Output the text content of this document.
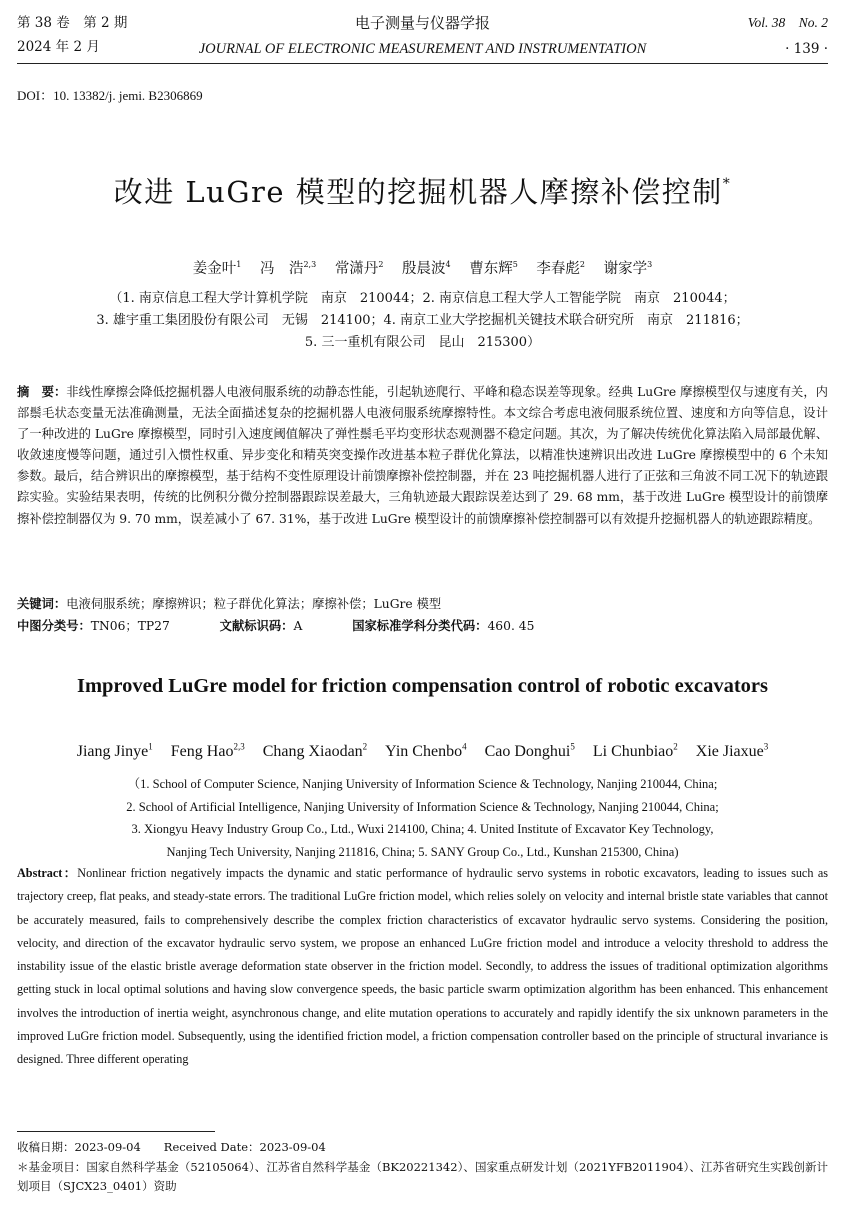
第 38 卷　第 2 期
2024 年 2 月
电子测量与仪器学报
JOURNAL OF ELECTRONIC MEASUREMENT AND INSTRUMENTATION
Vol. 38　No. 2
· 139 ·
DOI：10. 13382/j. jemi. B2306869
改进 LuGre 模型的挖掘机器人摩擦补偿控制*
姜金叶$^1$ 冯　浩$^{2,3}$ 常潇丹$^2$ 殷晨波$^4$ 曹东辉$^5$ 李春彪$^2$ 谢家学$^3$
（1. 南京信息工程大学计算机学院　南京　210044；2. 南京信息工程大学人工智能学院　南京　210044；
3. 雄宇重工集团股份有限公司　无锡　214100；4. 南京工业大学挖掘机关键技术联合研究所　南京　211816；
5. 三一重机有限公司　昆山　215300）
摘　要：非线性摩擦会降低挖掘机器人电液伺服系统的动静态性能，引起轨迹爬行、平峰和稳态误差等现象。经典 LuGre 摩擦模型仅与速度有关，内部鬃毛状态变量无法准确测量，无法全面描述复杂的挖掘机器人电液伺服系统摩擦特性。本文综合考虑电液伺服系统位置、速度和方向等信息，设计了一种改进的 LuGre 摩擦模型，同时引入速度阈值解决了弹性鬃毛平均变形状态观测器不稳定问题。其次，为了解决传统优化算法陷入局部最优解、收敛速度慢等问题，通过引入惯性权重、异步变化和精英突变操作改进基本粒子群优化算法，以精准快速辨识出改进 LuGre 摩擦模型中的 6 个未知参数。最后，结合辨识出的摩擦模型，基于结构不变性原理设计前馈摩擦补偿控制器，并在 23 吨挖掘机器人进行了正弦和三角波不同工况下的轨迹跟踪实验。实验结果表明，传统的比例积分微分控制器跟踪误差最大，三角轨迹最大跟踪误差达到了 29. 68 mm，基于改进 LuGre 模型设计的前馈摩擦补偿控制器仅为 9. 70 mm，误差减小了 67. 31%，基于改进 LuGre 模型设计的前馈摩擦补偿控制器可以有效提升挖掘机器人的轨迹跟踪精度。
关键词：电液伺服系统；摩擦辨识；粒子群优化算法；摩擦补偿；LuGre 模型
中图分类号：TN06；TP27	文献标识码：A	国家标准学科分类代码：460. 45
Improved LuGre model for friction compensation control of robotic excavators
Jiang Jinye$^1$ Feng Hao$^{2,3}$ Chang Xiaodan$^2$ Yin Chenbo$^4$ Cao Donghui$^5$ Li Chunbiao$^2$ Xie Jiaxue$^3$
（1. School of Computer Science, Nanjing University of Information Science & Technology, Nanjing 210044, China;
2. School of Artificial Intelligence, Nanjing University of Information Science & Technology, Nanjing 210044, China;
3. Xiongyu Heavy Industry Group Co., Ltd., Wuxi 214100, China; 4. United Institute of Excavator Key Technology,
Nanjing Tech University, Nanjing 211816, China; 5. SANY Group Co., Ltd., Kunshan 215300, China)
Abstract：Nonlinear friction negatively impacts the dynamic and static performance of hydraulic servo systems in robotic excavators, leading to issues such as trajectory creep, flat peaks, and steady-state errors. The traditional LuGre friction model, which relies solely on velocity and internal bristle state variables that cannot be accurately measured, fails to comprehensively describe the complex friction characteristics of excavator hydraulic servo systems. Considering the position, velocity, and direction of the excavator hydraulic servo system, we propose an enhanced LuGre friction model and introduce a velocity threshold to address the instability issue of the elastic bristle average deformation state observer in the friction model. Secondly, to address the issues of traditional optimization algorithms getting stuck in local optimal solutions and having slow convergence speeds, the basic particle swarm optimization algorithm has been enhanced. This enhancement involves the introduction of inertia weight, asynchronous change, and elite mutation operations to accurately and rapidly identify the six unknown parameters in the improved LuGre friction model. Subsequently, using the identified friction model, a friction compensation controller based on the principle of structural invariance is designed. Three different operating
收稿日期：2023-09-04　　Received Date：2023-09-04
＊基金项目：国家自然科学基金（52105064）、江苏省自然科学基金（BK20221342）、国家重点研发计划（2021YFB2011904）、江苏省研究生实践创新计划项目（SJCX23_0401）资助
